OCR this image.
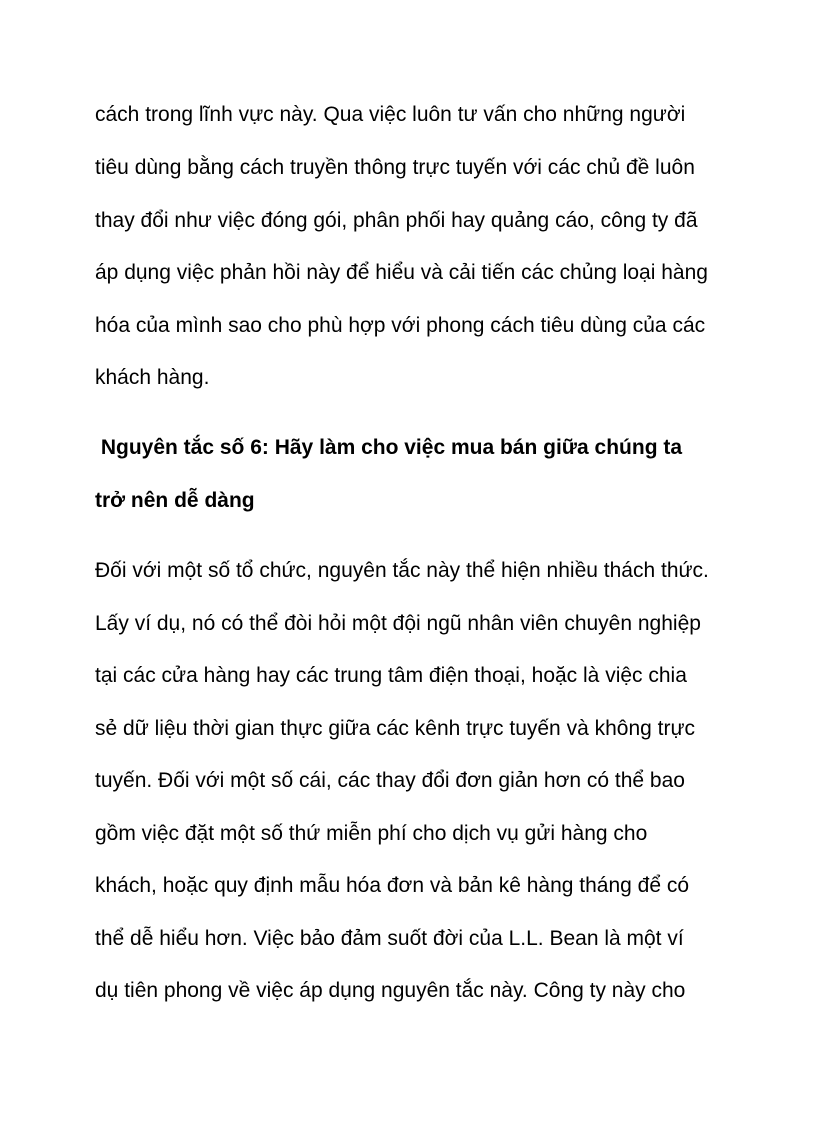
cách trong lĩnh vực này. Qua việc luôn tư vấn cho những người

tiêu dùng bằng cách truyền thông trực tuyến với các chủ đề luôn

thay đổi như việc đóng gói, phân phối hay quảng cáo, công ty đã

áp dụng việc phản hồi này để hiểu và cải tiến các chủng loại hàng

hóa của mình sao cho phù hợp với phong cách tiêu dùng của các

khách hàng.

Nguyên tắc số 6: Hãy làm cho việc mua bán giữa chúng ta

trở nên dễ dàng

Đối với một số tổ chức, nguyên tắc này thể hiện nhiều thách thức.

Lấy ví dụ, nó có thể đòi hỏi một đội ngũ nhân viên chuyên nghiệp

tại các cửa hàng hay các trung tâm điện thoại, hoặc là việc chia

sẻ dữ liệu thời gian thực giữa các kênh trực tuyến và không trực

tuyến. Đối với một số cái, các thay đổi đơn giản hơn có thể bao

gồm việc đặt một số thứ miễn phí cho dịch vụ gửi hàng cho

khách, hoặc quy định mẫu hóa đơn và bản kê hàng tháng để có

thể dễ hiểu hơn. Việc bảo đảm suốt đời của L.L. Bean là một ví

dụ tiên phong về việc áp dụng nguyên tắc này. Công ty này cho
